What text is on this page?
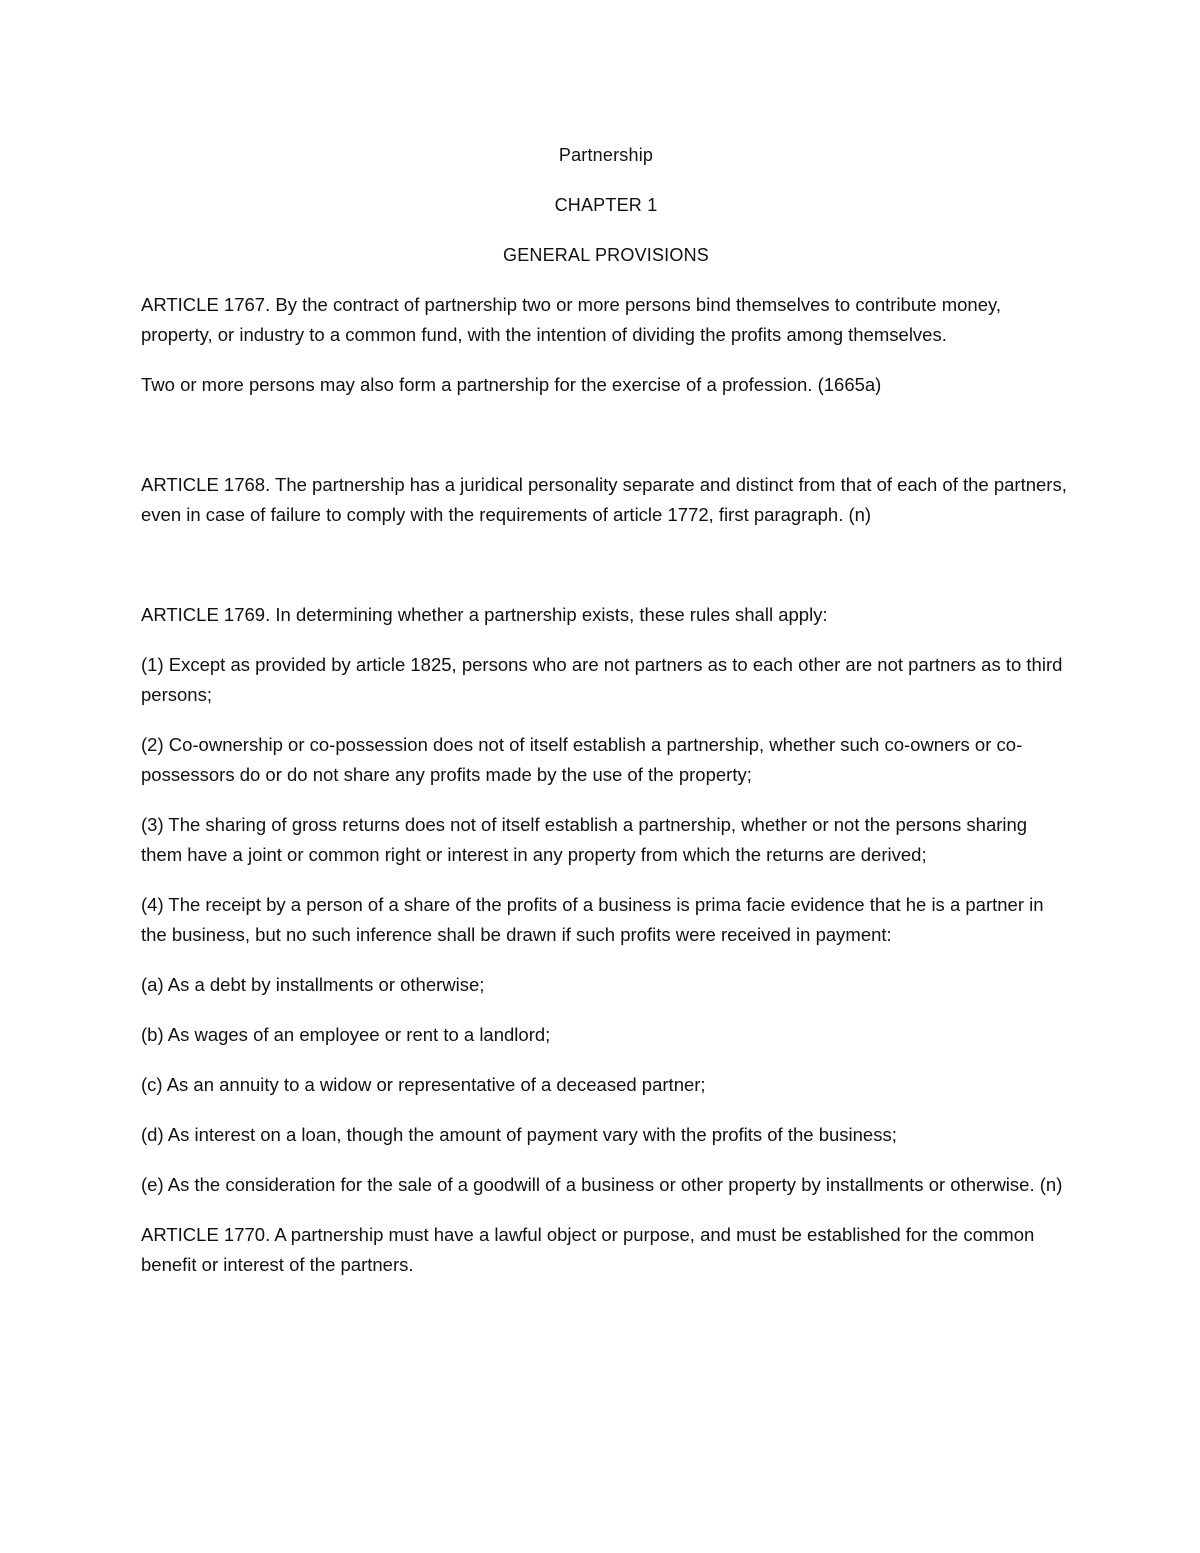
Partnership
CHAPTER 1
GENERAL PROVISIONS
ARTICLE 1767. By the contract of partnership two or more persons bind themselves to contribute money, property, or industry to a common fund, with the intention of dividing the profits among themselves.
Two or more persons may also form a partnership for the exercise of a profession. (1665a)
ARTICLE 1768. The partnership has a juridical personality separate and distinct from that of each of the partners, even in case of failure to comply with the requirements of article 1772, first paragraph. (n)
ARTICLE 1769. In determining whether a partnership exists, these rules shall apply:
(1) Except as provided by article 1825, persons who are not partners as to each other are not partners as to third persons;
(2) Co-ownership or co-possession does not of itself establish a partnership, whether such co-owners or co-possessors do or do not share any profits made by the use of the property;
(3) The sharing of gross returns does not of itself establish a partnership, whether or not the persons sharing them have a joint or common right or interest in any property from which the returns are derived;
(4) The receipt by a person of a share of the profits of a business is prima facie evidence that he is a partner in the business, but no such inference shall be drawn if such profits were received in payment:
(a) As a debt by installments or otherwise;
(b) As wages of an employee or rent to a landlord;
(c) As an annuity to a widow or representative of a deceased partner;
(d) As interest on a loan, though the amount of payment vary with the profits of the business;
(e) As the consideration for the sale of a goodwill of a business or other property by installments or otherwise. (n)
ARTICLE 1770. A partnership must have a lawful object or purpose, and must be established for the common benefit or interest of the partners.
